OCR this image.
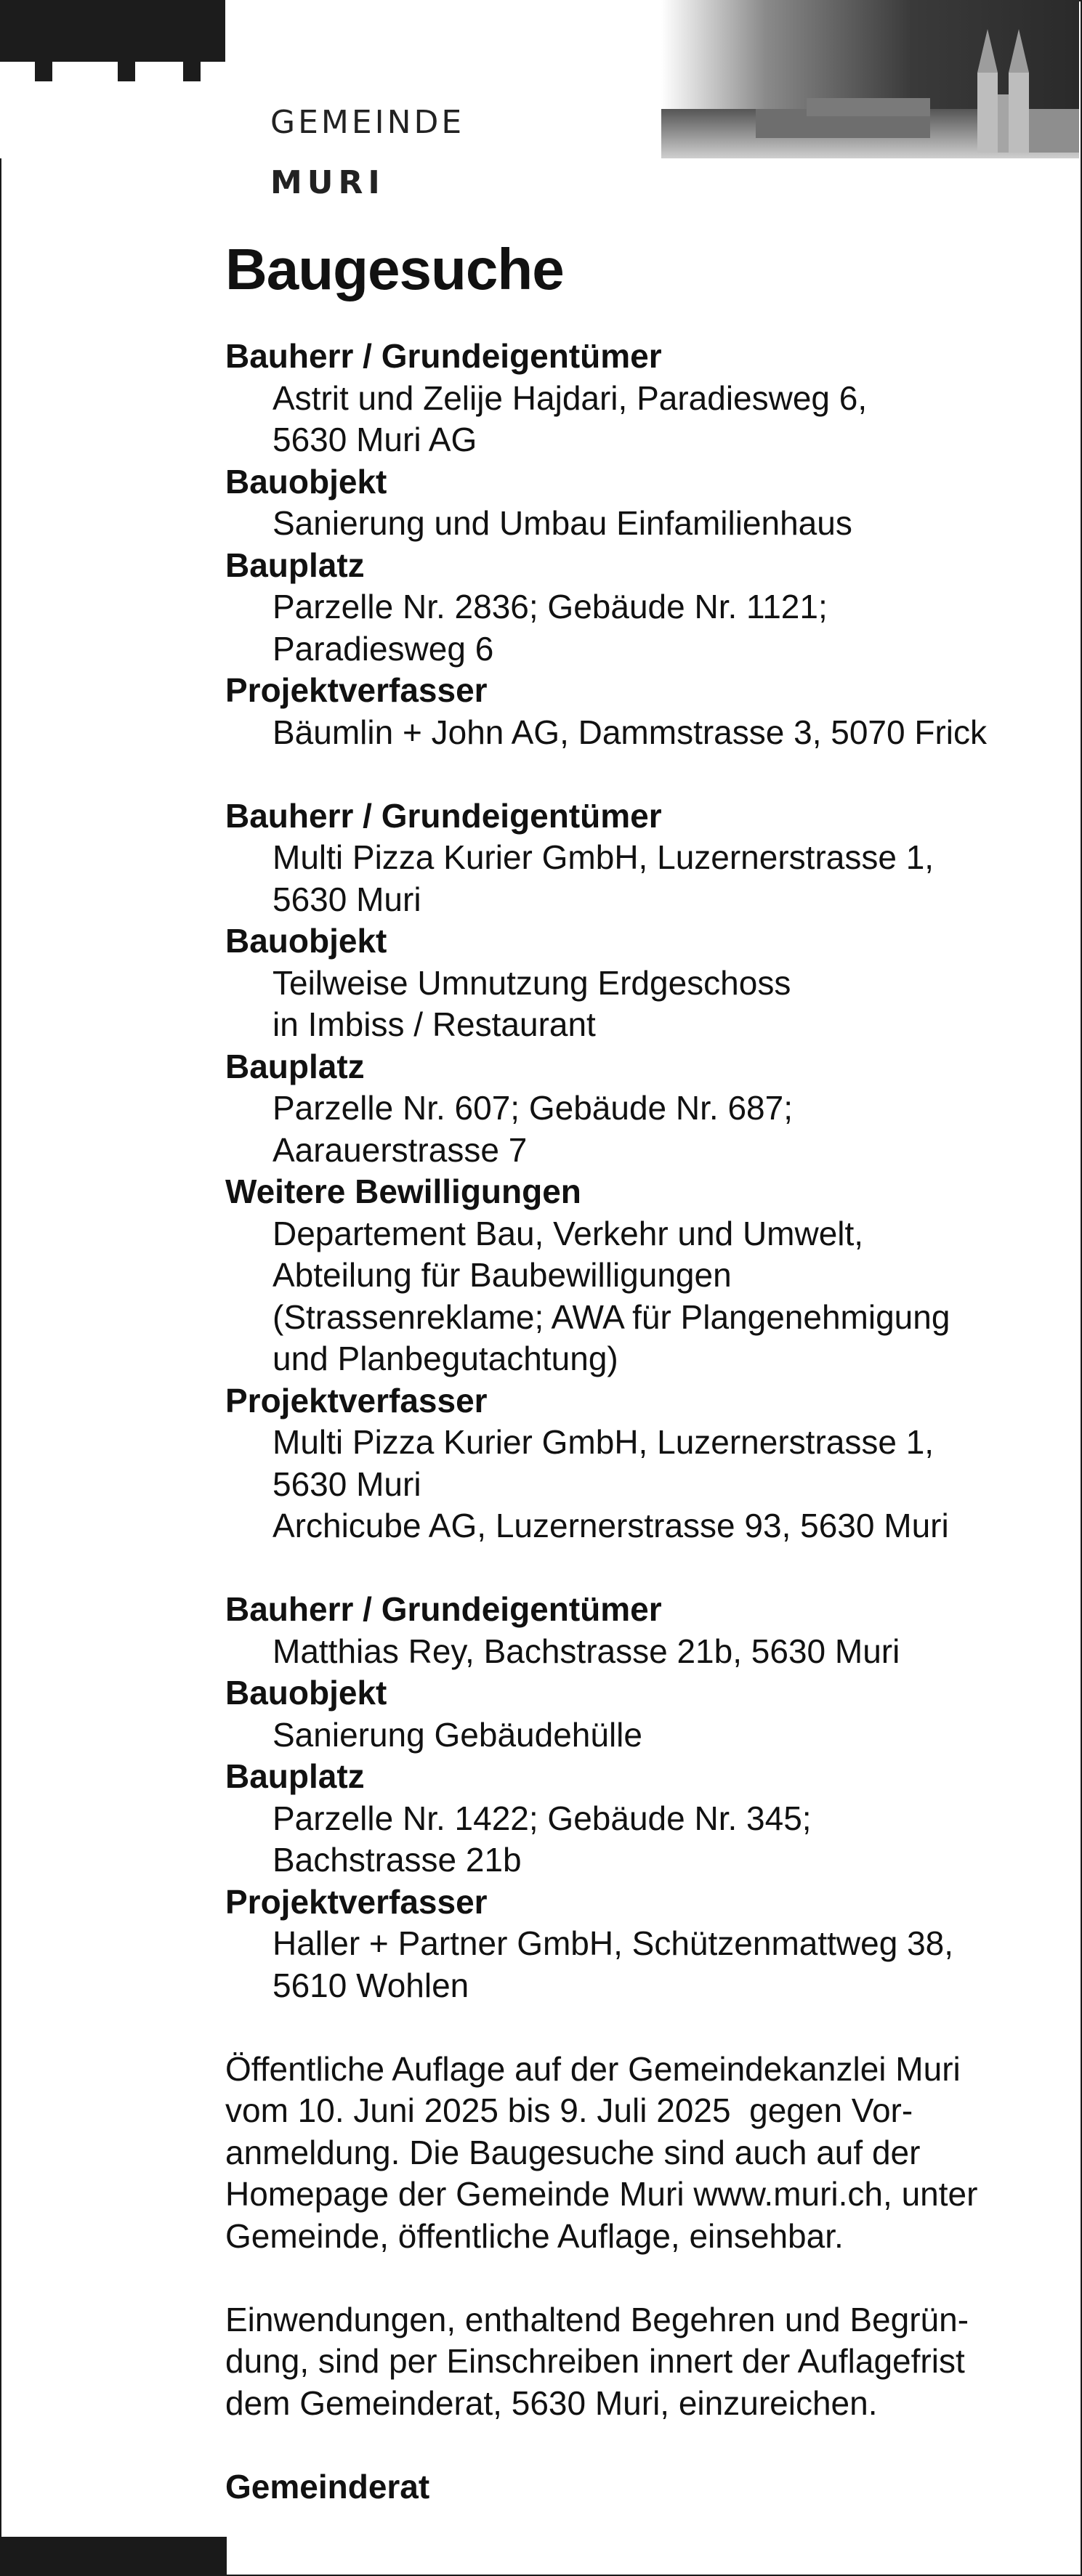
GEMEINDE
MURI
Baugesuche
Bauherr / Grundeigentümer
Astrit und Zelije Hajdari, Paradiesweg 6,
5630 Muri AG
Bauobjekt
Sanierung und Umbau Einfamilienhaus
Bauplatz
Parzelle Nr. 2836; Gebäude Nr. 1121;
Paradiesweg 6
Projektverfasser
Bäumlin + John AG, Dammstrasse 3, 5070 Frick
Bauherr / Grundeigentümer
Multi Pizza Kurier GmbH, Luzernerstrasse 1,
5630 Muri
Bauobjekt
Teilweise Umnutzung Erdgeschoss
in Imbiss / Restaurant
Bauplatz
Parzelle Nr. 607; Gebäude Nr. 687;
Aarauerstrasse 7
Weitere Bewilligungen
Departement Bau, Verkehr und Umwelt,
Abteilung für Baubewilligungen
(Strassenreklame; AWA für Plangenehmigung
und Planbegutachtung)
Projektverfasser
Multi Pizza Kurier GmbH, Luzernerstrasse 1,
5630 Muri
Archicube AG, Luzernerstrasse 93, 5630 Muri
Bauherr / Grundeigentümer
Matthias Rey, Bachstrasse 21b, 5630 Muri
Bauobjekt
Sanierung Gebäudehülle
Bauplatz
Parzelle Nr. 1422; Gebäude Nr. 345;
Bachstrasse 21b
Projektverfasser
Haller + Partner GmbH, Schützenmattweg 38,
5610 Wohlen

Öffentliche Auflage auf der Gemeindekanzlei Muri

vom 10. Juni 2025 bis 9. Juli 2025  gegen Vor-

anmeldung. Die Baugesuche sind auch auf der

Homepage der Gemeinde Muri www.muri.ch, unter

Gemeinde, öffentliche Auflage, einsehbar.

Einwendungen, enthaltend Begehren und Begrün-

dung, sind per Einschreiben innert der Auflagefrist

dem Gemeinderat, 5630 Muri, einzureichen.

Gemeinderat
